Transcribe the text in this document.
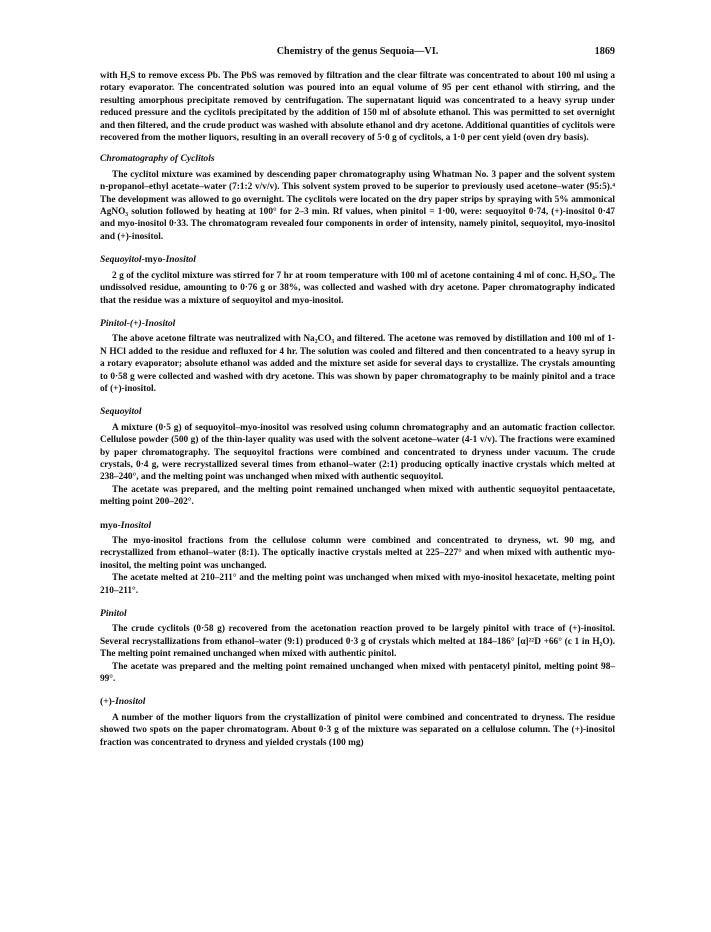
Chemistry of the genus Sequoia—VI.	1869

with H₂S to remove excess Pb. The PbS was removed by filtration and the clear filtrate was concentrated to about 100 ml using a rotary evaporator. The concentrated solution was poured into an equal volume of 95 per cent ethanol with stirring, and the resulting amorphous precipitate removed by centrifugation. The supernatant liquid was concentrated to a heavy syrup under reduced pressure and the cyclitols precipitated by the addition of 150 ml of absolute ethanol. This was permitted to set overnight and then filtered, and the crude product was washed with absolute ethanol and dry acetone. Additional quantities of cyclitols were recovered from the mother liquors, resulting in an overall recovery of 5·0 g of cyclitols, a 1·0 per cent yield (oven dry basis).

Chromatography of Cyclitols

The cyclitol mixture was examined by descending paper chromatography using Whatman No. 3 paper and the solvent system n-propanol–ethyl acetate–water (7:1:2 v/v/v). This solvent system proved to be superior to previously used acetone–water (95:5).⁴ The development was allowed to go overnight. The cyclitols were located on the dry paper strips by spraying with 5% ammonical AgNO₃ solution followed by heating at 100° for 2–3 min. Rf values, when pinitol = 1·00, were: sequoyitol 0·74, (+)-inositol 0·47 and myo-inositol 0·33. The chromatogram revealed four components in order of intensity, namely pinitol, sequoyitol, myo-inositol and (+)-inositol.

Sequoyitol-myo-Inositol

2 g of the cyclitol mixture was stirred for 7 hr at room temperature with 100 ml of acetone containing 4 ml of conc. H₂SO₄. The undissolved residue, amounting to 0·76 g or 38%, was collected and washed with dry acetone. Paper chromatography indicated that the residue was a mixture of sequoyitol and myo-inositol.

Pinitol-(+)-Inositol

The above acetone filtrate was neutralized with Na₂CO₃ and filtered. The acetone was removed by distillation and 100 ml of 1-N HCl added to the residue and refluxed for 4 hr. The solution was cooled and filtered and then concentrated to a heavy syrup in a rotary evaporator; absolute ethanol was added and the mixture set aside for several days to crystallize. The crystals amounting to 0·58 g were collected and washed with dry acetone. This was shown by paper chromatography to be mainly pinitol and a trace of (+)-inositol.

Sequoyitol

A mixture (0·5 g) of sequoyitol–myo-inositol was resolved using column chromatography and an automatic fraction collector. Cellulose powder (500 g) of the thin-layer quality was used with the solvent acetone–water (4-1 v/v). The fractions were examined by paper chromatography. The sequoyitol fractions were combined and concentrated to dryness under vacuum. The crude crystals, 0·4 g, were recrystallized several times from ethanol–water (2:1) producing optically inactive crystals which melted at 238–240°, and the melting point was unchanged when mixed with authentic sequoyitol.

The acetate was prepared, and the melting point remained unchanged when mixed with authentic sequoyitol pentaacetate, melting point 200–202°.

myo-Inositol

The myo-inositol fractions from the cellulose column were combined and concentrated to dryness, wt. 90 mg, and recrystallized from ethanol–water (8:1). The optically inactive crystals melted at 225–227° and when mixed with authentic myo-inositol, the melting point was unchanged.

The acetate melted at 210–211° and the melting point was unchanged when mixed with myo-inositol hexacetate, melting point 210–211°.

Pinitol

The crude cyclitols (0·58 g) recovered from the acetonation reaction proved to be largely pinitol with trace of (+)-inositol. Several recrystallizations from ethanol–water (9:1) produced 0·3 g of crystals which melted at 184–186° [α]²²D +66° (c 1 in H₂O). The melting point remained unchanged when mixed with authentic pinitol.

The acetate was prepared and the melting point remained unchanged when mixed with pentacetyl pinitol, melting point 98–99°.

(+)-Inositol

A number of the mother liquors from the crystallization of pinitol were combined and concentrated to dryness. The residue showed two spots on the paper chromatogram. About 0·3 g of the mixture was separated on a cellulose column. The (+)-inositol fraction was concentrated to dryness and yielded crystals (100 mg)
